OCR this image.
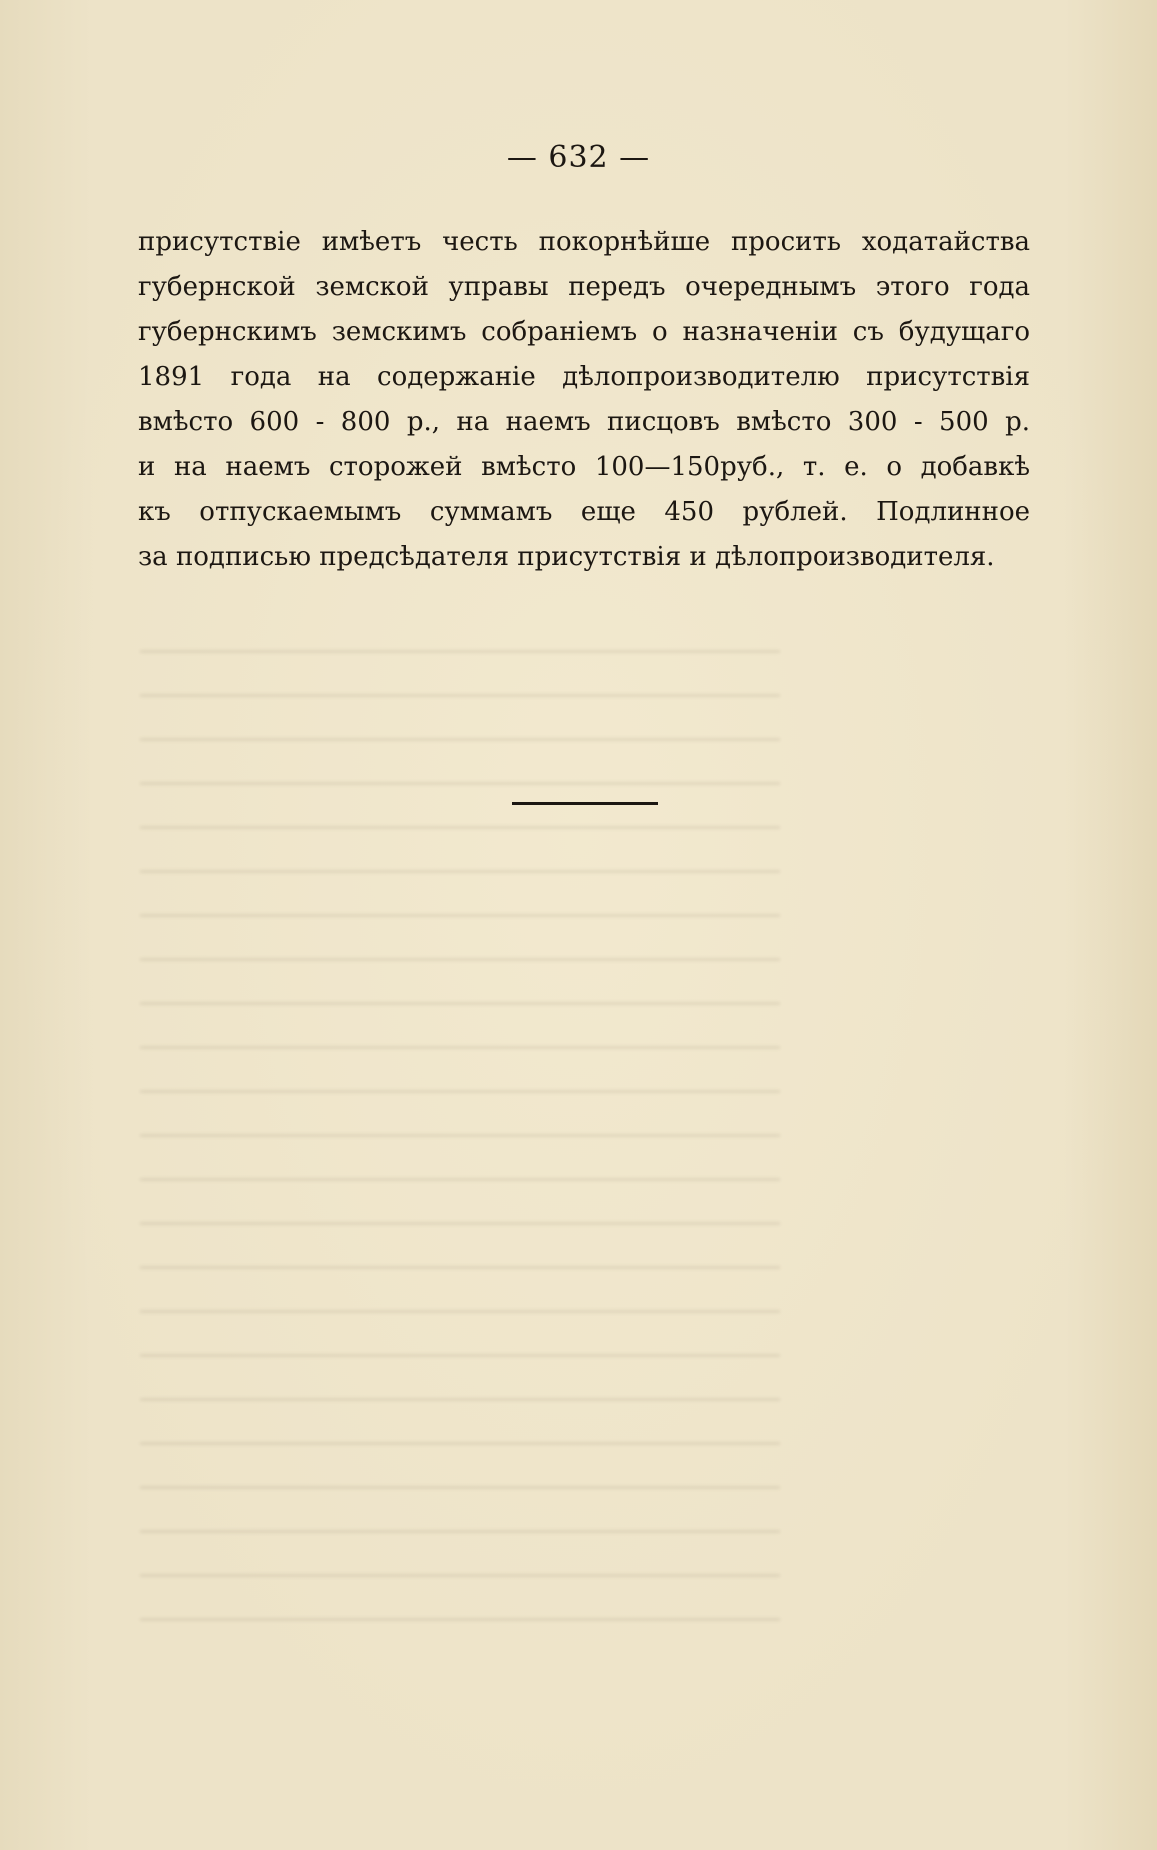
— 632 —
присутствіе имѣетъ честь покорнѣйше просить ходатайства
губернской земской управы передъ очереднымъ этого года
губернскимъ земскимъ собраніемъ о назначеніи съ будущаго
1891 года на содержаніе дѣлопроизводителю присутствія
вмѣсто 600 - 800 р., на наемъ писцовъ вмѣсто 300 - 500 р.
и на наемъ сторожей вмѣсто 100—150руб., т. е. о добавкѣ
къ отпускаемымъ суммамъ еще 450 рублей. Подлинное
за подписью предсѣдателя присутствія и дѣлопроизводителя.
